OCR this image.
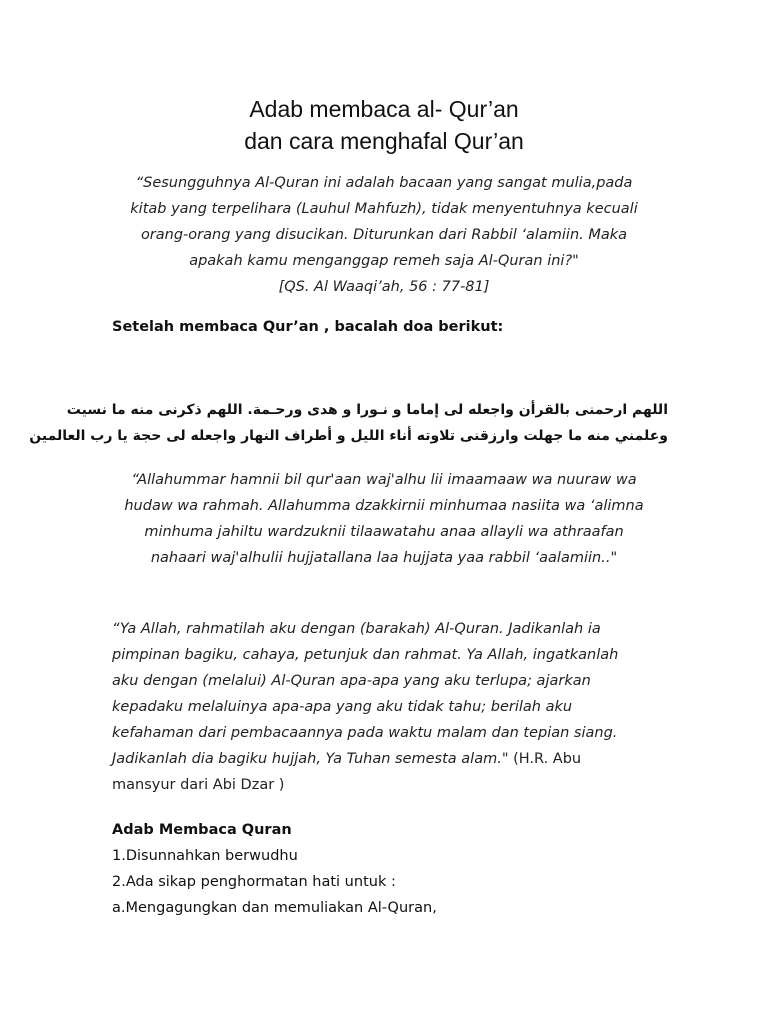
Adab membaca al- Qur’an
dan cara menghafal Qur’an
“Sesungguhnya Al-Quran ini adalah bacaan yang sangat mulia,pada
kitab yang terpelihara (Lauhul Mahfuzh), tidak menyentuhnya kecuali
orang-orang yang disucikan. Diturunkan dari Rabbil ‘alamiin. Maka
apakah kamu menganggap remeh saja Al-Quran ini?"
[QS. Al Waaqi’ah, 56 : 77-81]
Setelah membaca Qur’an , bacalah doa berikut:
اللهم ارحمنى بالقرأن واجعله لى إماما و نـورا و هدى ورحـمة. اللهم ذكرنى منه ما نسيت
وعلمني منه ما جهلت وارزقنى تلاوته أناء الليل و أطراف النهار واجعله لى حجة يا رب العالمين
“Allahummar hamnii bil qur'aan waj'alhu lii imaamaaw wa nuuraw wa
hudaw wa rahmah. Allahumma dzakkirnii minhumaa nasiita wa ‘alimna
minhuma jahiltu wardzuknii tilaawatahu anaa allayli wa athraafan
nahaari waj'alhulii hujjatallana laa hujjata yaa rabbil ‘aalamiin.."
“Ya Allah, rahmatilah aku dengan (barakah) Al-Quran. Jadikanlah ia
pimpinan bagiku, cahaya, petunjuk dan rahmat. Ya Allah, ingatkanlah
aku dengan (melalui) Al-Quran apa-apa yang aku terlupa; ajarkan
kepadaku melaluinya apa-apa yang aku tidak tahu; berilah aku
kefahaman dari pembacaannya pada waktu malam dan tepian siang.
Jadikanlah dia bagiku hujjah, Ya Tuhan semesta alam." (H.R. Abu
mansyur dari Abi Dzar )
Adab Membaca Quran
1.Disunnahkan berwudhu
2.Ada sikap penghormatan hati untuk :
a.Mengagungkan dan memuliakan Al-Quran,
